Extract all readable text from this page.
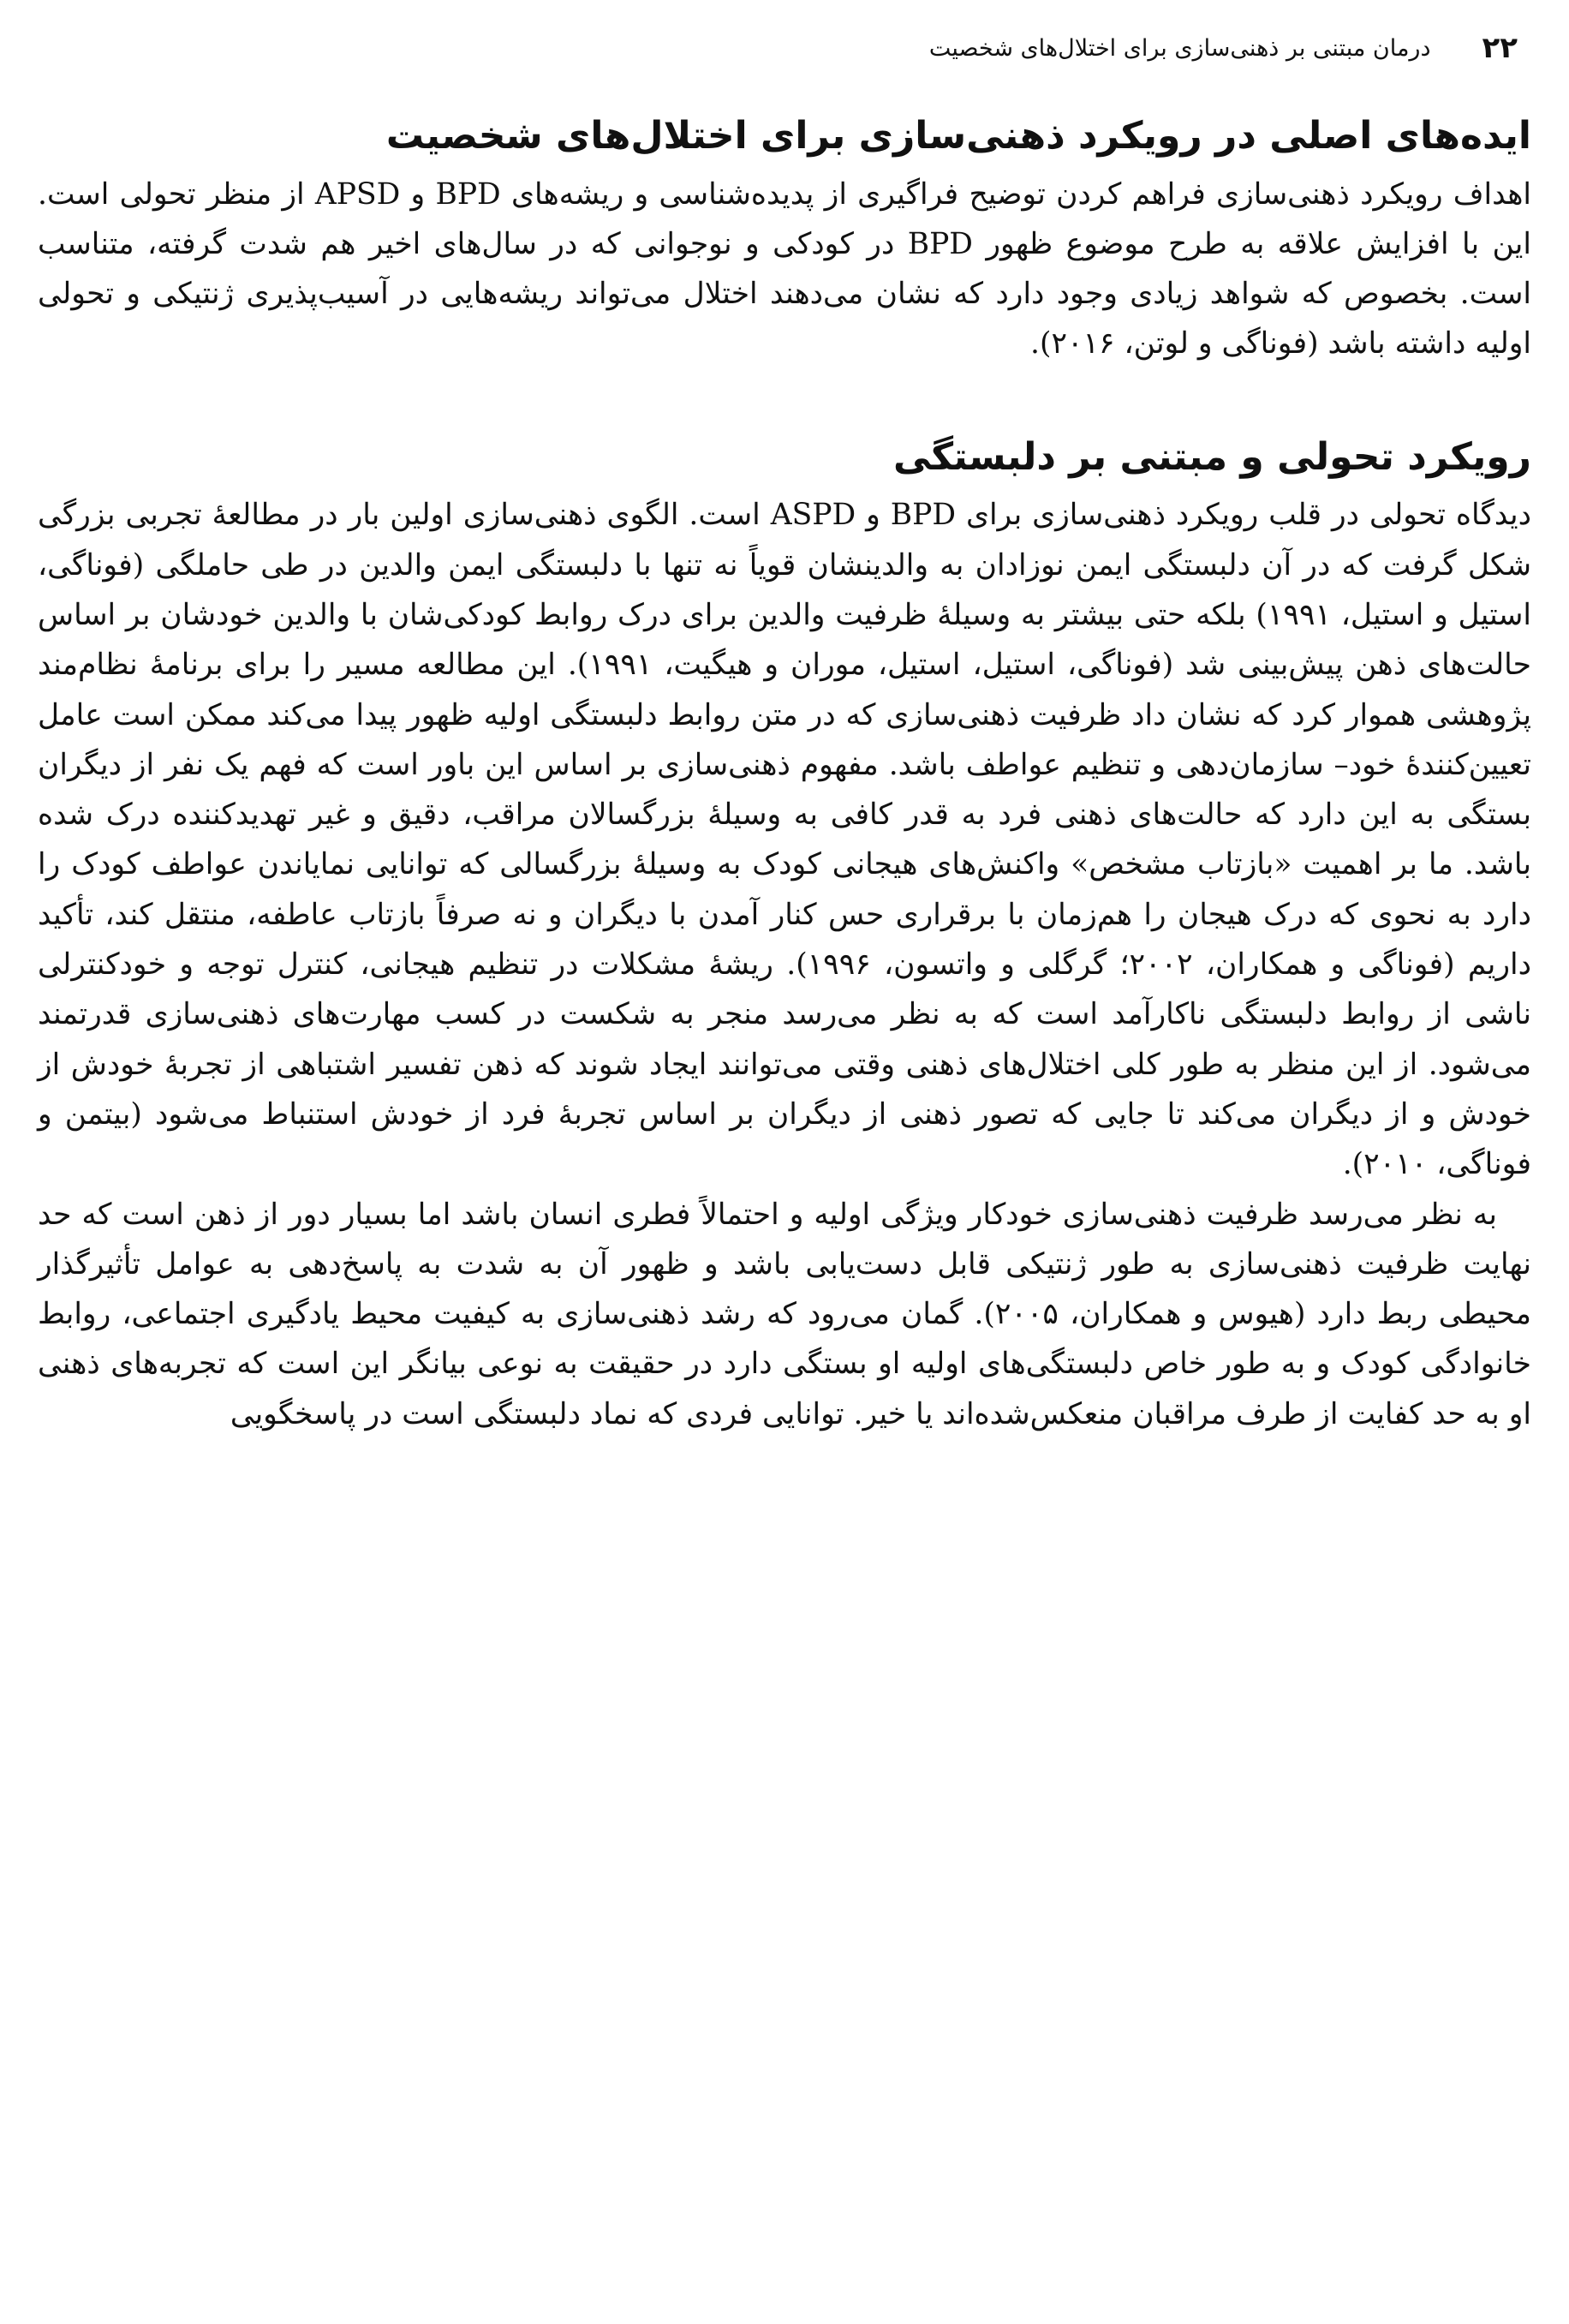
۲۲
درمان مبتنی بر ذهنی‌سازی برای اختلال‌های شخصیت
ایده‌های اصلی در رویکرد ذهنی‌سازی برای اختلال‌های شخصیت

اهداف رویکرد ذهنی‌سازی فراهم کردن توضیح فراگیری از پدیده‌شناسی و ریشه‌های BPD و APSD از منظر تحولی است. این با افزایش علاقه به طرح موضوع ظهور BPD در کودکی و نوجوانی که در سال‌های اخیر هم شدت گرفته، متناسب است. بخصوص که شواهد زیادی وجود دارد که نشان می‌دهند اختلال می‌تواند ریشه‌هایی در آسیب‌پذیری ژنتیکی و تحولی اولیه داشته باشد (فوناگی و لوتن، ۲۰۱۶).

رویکرد تحولی و مبتنی بر دلبستگی

دیدگاه تحولی در قلب رویکرد ذهنی‌سازی برای BPD و ASPD است. الگوی ذهنی‌سازی اولین بار در مطالعهٔ تجربی بزرگی شکل گرفت که در آن دلبستگی ایمن نوزادان به والدینشان قویاً نه تنها با دلبستگی ایمن والدین در طی حاملگی (فوناگی، استیل و استیل، ۱۹۹۱) بلکه حتی بیشتر به وسیلهٔ ظرفیت والدین برای درک روابط کودکی‌شان با والدین خودشان بر اساس حالت‌های ذهن پیش‌بینی شد (فوناگی، استیل، استیل، موران و هیگیت، ۱۹۹۱). این مطالعه مسیر را برای برنامهٔ نظام‌مند پژوهشی هموار کرد که نشان داد ظرفیت ذهنی‌سازی که در متن روابط دلبستگی اولیه ظهور پیدا می‌کند ممکن است عامل تعیین‌کنندهٔ خود– سازمان‌دهی و تنظیم عواطف باشد. مفهوم ذهنی‌سازی بر اساس این باور است که فهم یک نفر از دیگران بستگی به این دارد که حالت‌های ذهنی فرد به قدر کافی به وسیلهٔ بزرگسالان مراقب، دقیق و غیر تهدیدکننده درک شده باشد. ما بر اهمیت «بازتاب مشخص» واکنش‌های هیجانی کودک به وسیلهٔ بزرگسالی که توانایی نمایاندن عواطف کودک را دارد به نحوی که درک هیجان را هم‌زمان با برقراری حس کنار آمدن با دیگران و نه صرفاً بازتاب عاطفه، منتقل کند، تأکید داریم (فوناگی و همکاران، ۲۰۰۲؛ گرگلی و واتسون، ۱۹۹۶). ریشهٔ مشکلات در تنظیم هیجانی، کنترل توجه و خودکنترلی ناشی از روابط دلبستگی ناکارآمد است که به نظر می‌رسد منجر به شکست در کسب مهارت‌های ذهنی‌سازی قدرتمند می‌شود. از این منظر به طور کلی اختلال‌های ذهنی وقتی می‌توانند ایجاد شوند که ذهن تفسیر اشتباهی از تجربهٔ خودش از خودش و از دیگران می‌کند تا جایی که تصور ذهنی از دیگران بر اساس تجربهٔ فرد از خودش استنباط می‌شود (بیتمن و فوناگی، ۲۰۱۰).

به نظر می‌رسد ظرفیت ذهنی‌سازی خودکار ویژگی اولیه و احتمالاً فطری انسان باشد اما بسیار دور از ذهن است که حد نهایت ظرفیت ذهنی‌سازی به طور ژنتیکی قابل دست‌یابی باشد و ظهور آن به شدت به پاسخ‌دهی به عوامل تأثیرگذار محیطی ربط دارد (هیوس و همکاران، ۲۰۰۵). گمان می‌رود که رشد ذهنی‌سازی به کیفیت محیط یادگیری اجتماعی، روابط خانوادگی کودک و به طور خاص دلبستگی‌های اولیه او بستگی دارد در حقیقت به نوعی بیانگر این است که تجربه‌های ذهنی او به حد کفایت از طرف مراقبان منعکس‌شده‌اند یا خیر. توانایی فردی که نماد دلبستگی است در پاسخگویی
